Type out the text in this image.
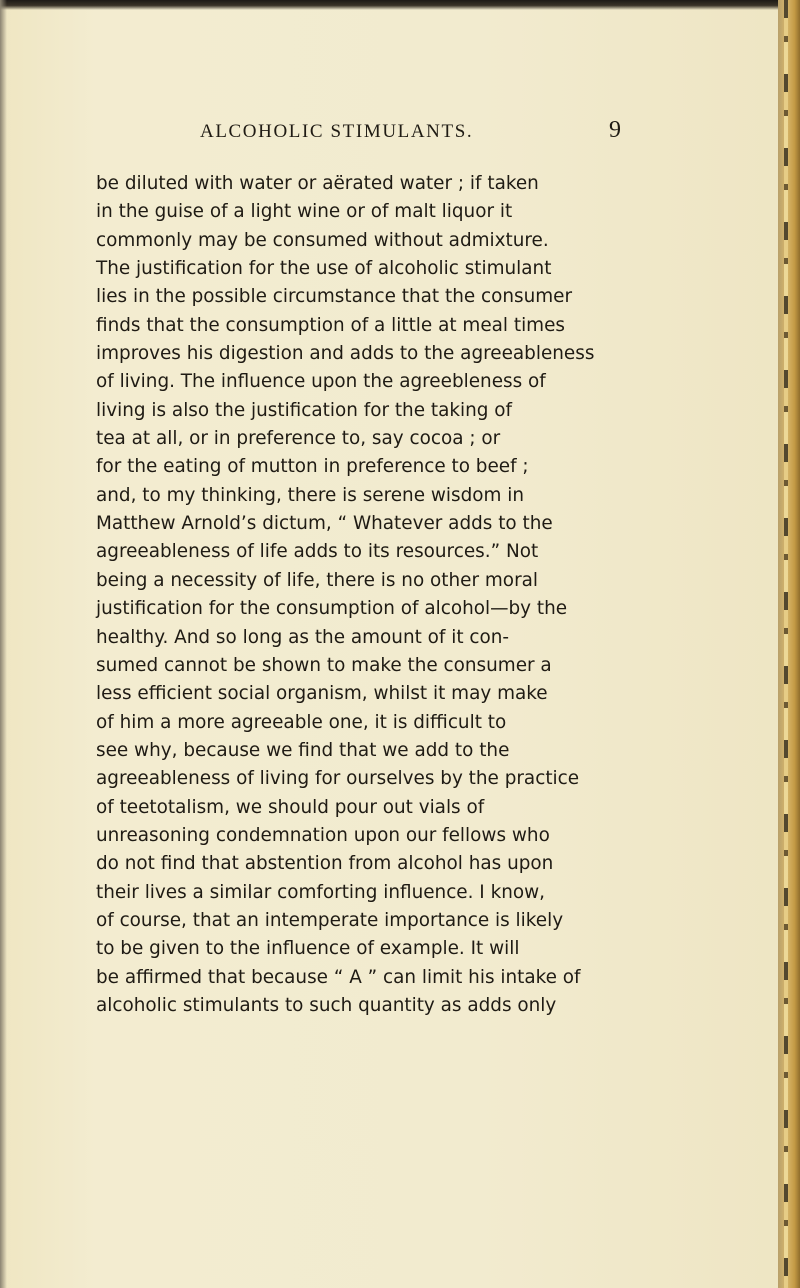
ALCOHOLIC STIMULANTS.	9
be diluted with water or aërated water ; if taken
in the guise of a light wine or of malt liquor it
commonly may be consumed without admixture.
The justification for the use of alcoholic stimulant
lies in the possible circumstance that the consumer
finds that the consumption of a little at meal times
improves his digestion and adds to the agreeableness
of living. The influence upon the agreebleness of
living is also the justification for the taking of
tea at all, or in preference to, say cocoa ; or
for the eating of mutton in preference to beef ;
and, to my thinking, there is serene wisdom in
Matthew Arnold’s dictum, “ Whatever adds to the
agreeableness of life adds to its resources.” Not
being a necessity of life, there is no other moral
justification for the consumption of alcohol—by the
healthy. And so long as the amount of it con-
sumed cannot be shown to make the consumer a
less efficient social organism, whilst it may make
of him a more agreeable one, it is difficult to
see why, because we find that we add to the
agreeableness of living for ourselves by the practice
of teetotalism, we should pour out vials of
unreasoning condemnation upon our fellows who
do not find that abstention from alcohol has upon
their lives a similar comforting influence. I know,
of course, that an intemperate importance is likely
to be given to the influence of example. It will
be affirmed that because “ A ” can limit his intake of
alcoholic stimulants to such quantity as adds only
